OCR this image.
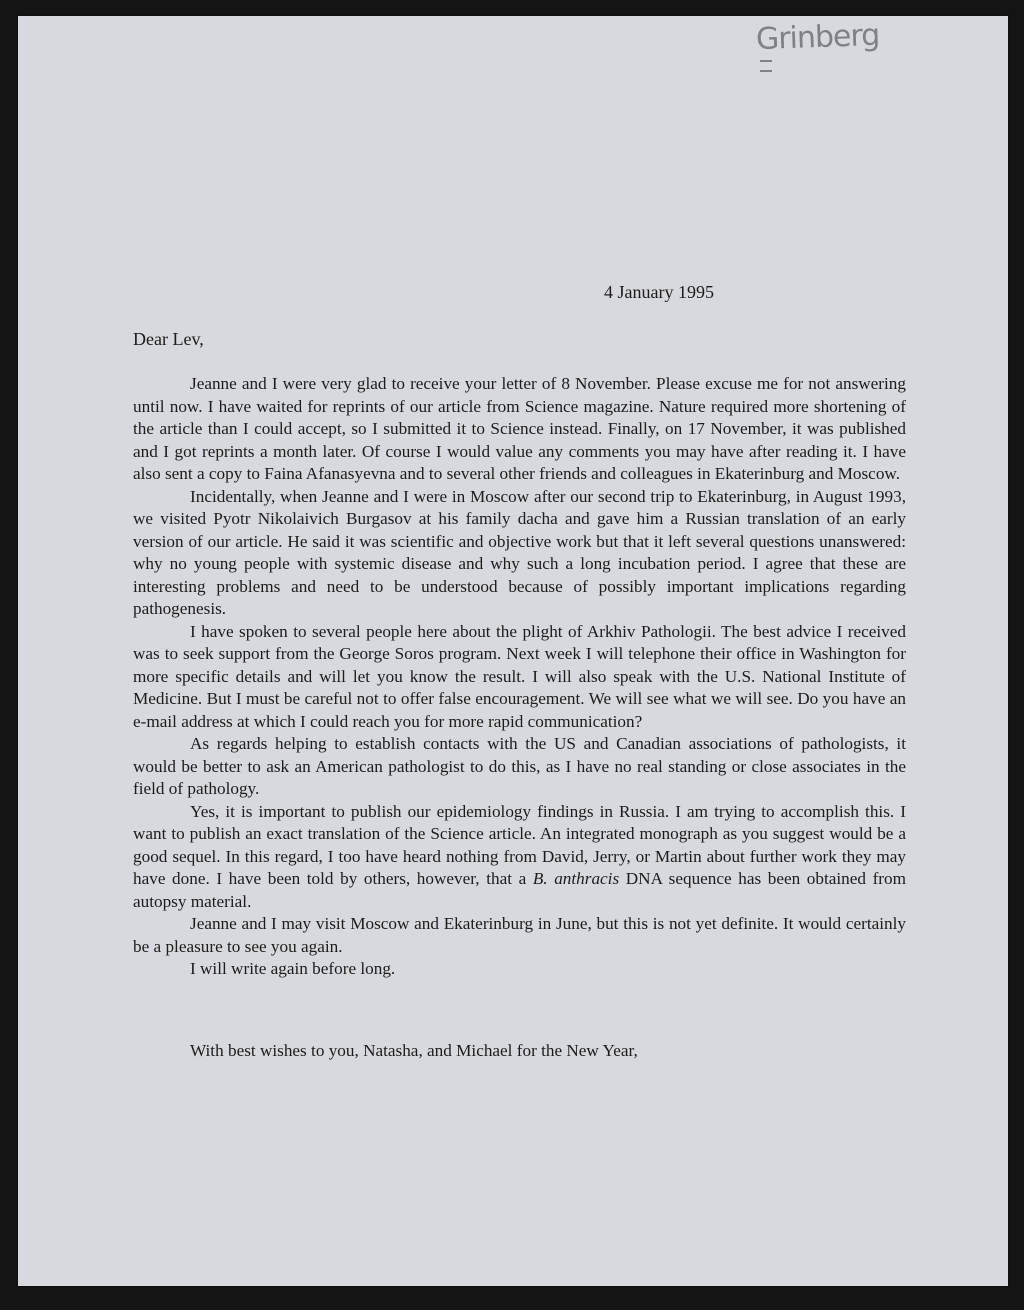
Grinberg
4 January 1995
Dear Lev,

Jeanne and I were very glad to receive your letter of 8 November. Please excuse me for not answering until now. I have waited for reprints of our article from Science magazine. Nature required more shortening of the article than I could accept, so I submitted it to Science instead. Finally, on 17 November, it was published and I got reprints a month later. Of course I would value any comments you may have after reading it. I have also sent a copy to Faina Afanasyevna and to several other friends and colleagues in Ekaterinburg and Moscow.

Incidentally, when Jeanne and I were in Moscow after our second trip to Ekaterinburg, in August 1993, we visited Pyotr Nikolaivich Burgasov at his family dacha and gave him a Russian translation of an early version of our article. He said it was scientific and objective work but that it left several questions unanswered: why no young people with systemic disease and why such a long incubation period. I agree that these are interesting problems and need to be understood because of possibly important implications regarding pathogenesis.

I have spoken to several people here about the plight of Arkhiv Pathologii. The best advice I received was to seek support from the George Soros program. Next week I will telephone their office in Washington for more specific details and will let you know the result. I will also speak with the U.S. National Institute of Medicine. But I must be careful not to offer false encouragement. We will see what we will see. Do you have an e-mail address at which I could reach you for more rapid communication?

As regards helping to establish contacts with the US and Canadian associations of pathologists, it would be better to ask an American pathologist to do this, as I have no real standing or close associates in the field of pathology.

Yes, it is important to publish our epidemiology findings in Russia. I am trying to accomplish this. I want to publish an exact translation of the Science article. An integrated monograph as you suggest would be a good sequel. In this regard, I too have heard nothing from David, Jerry, or Martin about further work they may have done. I have been told by others, however, that a B. anthracis DNA sequence has been obtained from autopsy material.

Jeanne and I may visit Moscow and Ekaterinburg in June, but this is not yet definite. It would certainly be a pleasure to see you again.

I will write again before long.

With best wishes to you, Natasha, and Michael for the New Year,
